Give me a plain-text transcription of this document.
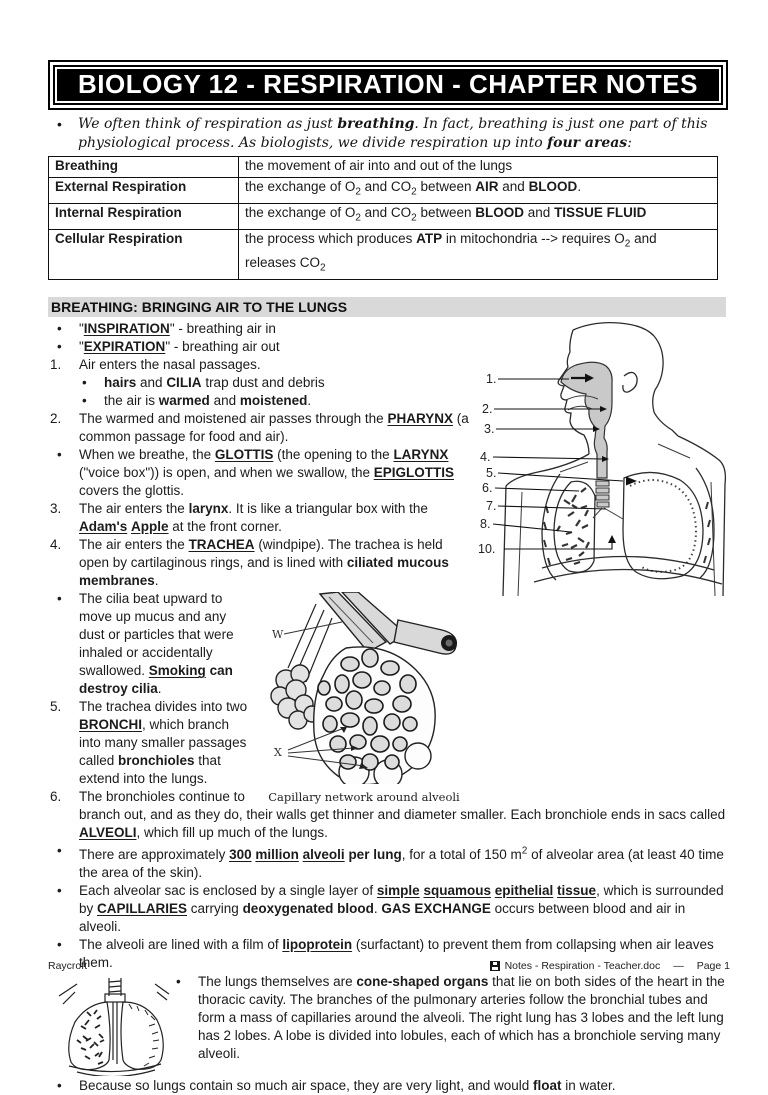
BIOLOGY 12 - RESPIRATION - CHAPTER NOTES
• We often think of respiration as just breathing. In fact, breathing is just one part of this physiological process. As biologists, we divide respiration up into four areas:
Breathing	the movement of air into and out of the lungs
External Respiration	the exchange of $O_2$ and $CO_2$ between AIR and BLOOD.
Internal Respiration	the exchange of $O_2$ and $CO_2$ between BLOOD and TISSUE FLUID
Cellular Respiration	the process which produces ATP in mitochondria --> requires $O_2$ and releases $CO_2$
BREATHING: BRINGING AIR TO THE LUNGS
1.
2.
3.
4.
5.
6.
7.
8.
10.
• "INSPIRATION" - breathing air in
• "EXPIRATION" - breathing air out
1. Air enters the nasal passages.
• hairs and CILIA trap dust and debris
• the air is warmed and moistened.
2. The warmed and moistened air passes through the PHARYNX (a common passage for food and air).
• When we breathe, the GLOTTIS (the opening to the LARYNX ("voice box")) is open, and when we swallow, the EPIGLOTTIS covers the glottis.
3. The air enters the larynx. It is like a triangular box with the Adam's Apple at the front corner.
4. The air enters the TRACHEA (windpipe). The trachea is held open by cartilaginous rings, and is lined with ciliated mucous membranes.
W
X
Capillary network around alveoli
• The cilia beat upward to move up mucus and any dust or particles that were inhaled or accidentally swallowed. Smoking can destroy cilia.
5. The trachea divides into two BRONCHI, which branch into many smaller passages called bronchioles that extend into the lungs.
6. The bronchioles continue to branch out, and as they do, their walls get thinner and diameter smaller. Each bronchiole ends in sacs called ALVEOLI, which fill up much of the lungs.
• There are approximately 300 million alveoli per lung, for a total of 150 $m^2$ of alveolar area (at least 40 time the area of the skin).
• Each alveolar sac is enclosed by a single layer of simple squamous epithelial tissue, which is surrounded by CAPILLARIES carrying deoxygenated blood. GAS EXCHANGE occurs between blood and air in alveoli.
• The alveoli are lined with a film of lipoprotein (surfactant) to prevent them from collapsing when air leaves them.
• The lungs themselves are cone-shaped organs that lie on both sides of the heart in the thoracic cavity. The branches of the pulmonary arteries follow the bronchial tubes and form a mass of capillaries around the alveoli. The right lung has 3 lobes and the left lung has 2 lobes. A lobe is divided into lobules, each of which has a bronchiole serving many alveoli.
• Because so lungs contain so much air space, they are very light, and would float in water.
Raycroft	Notes - Respiration - Teacher.doc — Page 1
